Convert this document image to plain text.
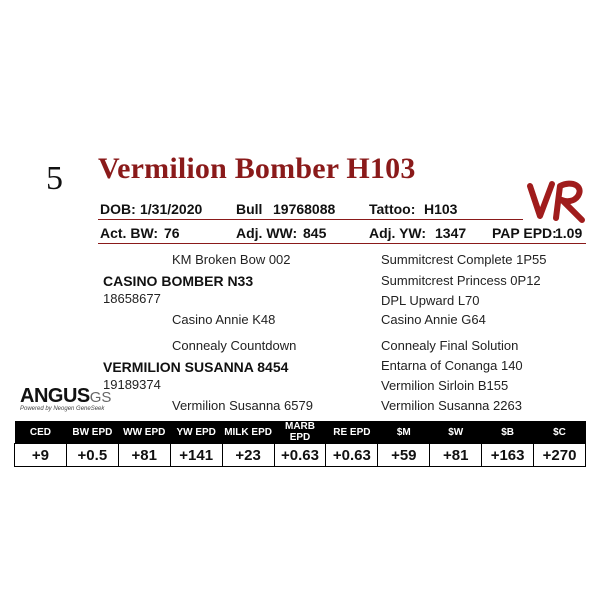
5 Vermilion Bomber H103
DOB: 1/31/2020 Bull 19768088 Tattoo: H103
Act. BW: 76	Adj. WW: 845	Adj. YW: 1347 PAP EPD:
1.09
KM Broken Bow 002
CASINO BOMBER N33
18658677
Casino Annie K48
Connealy Countdown
VERMILION SUSANNA 8454
19189374
Vermilion Susanna 6579
Summitcrest Complete 1P55
Summitcrest Princess 0P12
DPL Upward L70
Casino Annie G64
Connealy Final Solution
Entarna of Conanga 140
Vermilion Sirloin B155
Vermilion Susanna 2263
ANGUSGS
Powered by Neogen GeneSeek
CED	BW EPD	WW EPD	YW EPD	MILK EPD	MARB EPD	RE EPD	$M	$W	$B	$C
+9	+0.5	+81	+141	+23	+0.63	+0.63	+59	+81	+163	+270
